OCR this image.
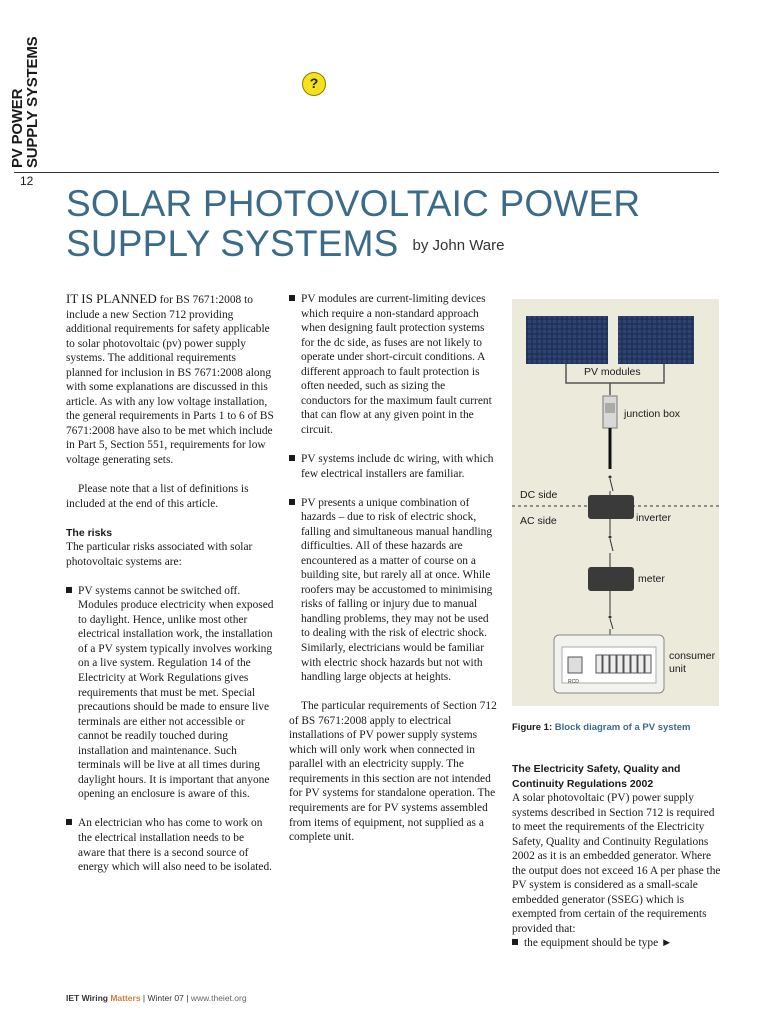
PV POWER
SUPPLY SYSTEMS
12
?
SOLAR PHOTOVOLTAIC POWER
SUPPLY SYSTEMS by John Ware

IT IS PLANNED for BS 7671:2008 to include a new Section 712 providing additional requirements for safety applicable to solar photovoltaic (pv) power supply systems. The additional requirements planned for inclusion in BS 7671:2008 along with some explanations are discussed in this article. As with any low voltage installation, the general requirements in Parts 1 to 6 of BS 7671:2008 have also to be met which include in Part 5, Section 551, requirements for low voltage generating sets.

Please note that a list of definitions is included at the end of this article.

The risks

The particular risks associated with solar photovoltaic systems are:

PV systems cannot be switched off. Modules produce electricity when exposed to daylight. Hence, unlike most other electrical installation work, the installation of a PV system typically involves working on a live system. Regulation 14 of the Electricity at Work Regulations gives requirements that must be met. Special precautions should be made to ensure live terminals are either not accessible or cannot be readily touched during installation and maintenance. Such terminals will be live at all times during daylight hours. It is important that anyone opening an enclosure is aware of this.
An electrician who has come to work on the electrical installation needs to be aware that there is a second source of energy which will also need to be isolated.
PV modules are current-limiting devices which require a non-standard approach when designing fault protection systems for the dc side, as fuses are not likely to operate under short-circuit conditions. A different approach to fault protection is often needed, such as sizing the conductors for the maximum fault current that can flow at any given point in the circuit.
PV systems include dc wiring, with which few electrical installers are familiar.
PV presents a unique combination of hazards – due to risk of electric shock, falling and simultaneous manual handling difficulties. All of these hazards are encountered as a matter of course on a building site, but rarely all at once. While roofers may be accustomed to minimising risks of falling or injury due to manual handling problems, they may not be used to dealing with the risk of electric shock. Similarly, electricians would be familiar with electric shock hazards but not with handling large objects at heights.

The particular requirements of Section 712 of BS 7671:2008 apply to electrical installations of PV power supply systems which will only work when connected in parallel with an electricity supply. The requirements in this section are not intended for PV systems for standalone operation. The requirements are for PV systems assembled from items of equipment, not supplied as a complete unit.

PV modules
junction box
DC side
AC side	inverter
meter
RCD
consumer
unit
Figure 1: Block diagram of a PV system
The Electricity Safety, Quality and
Continuity Regulations 2002

A solar photovoltaic (PV) power supply systems described in Section 712 is required to meet the requirements of the Electricity Safety, Quality and Continuity Regulations 2002 as it is an embedded generator. Where the output does not exceed 16 A per phase the PV system is considered as a small-scale embedded generator (SSEG) which is exempted from certain of the requirements provided that:

the equipment should be type ►
IET Wiring Matters | Winter 07 | www.theiet.org
